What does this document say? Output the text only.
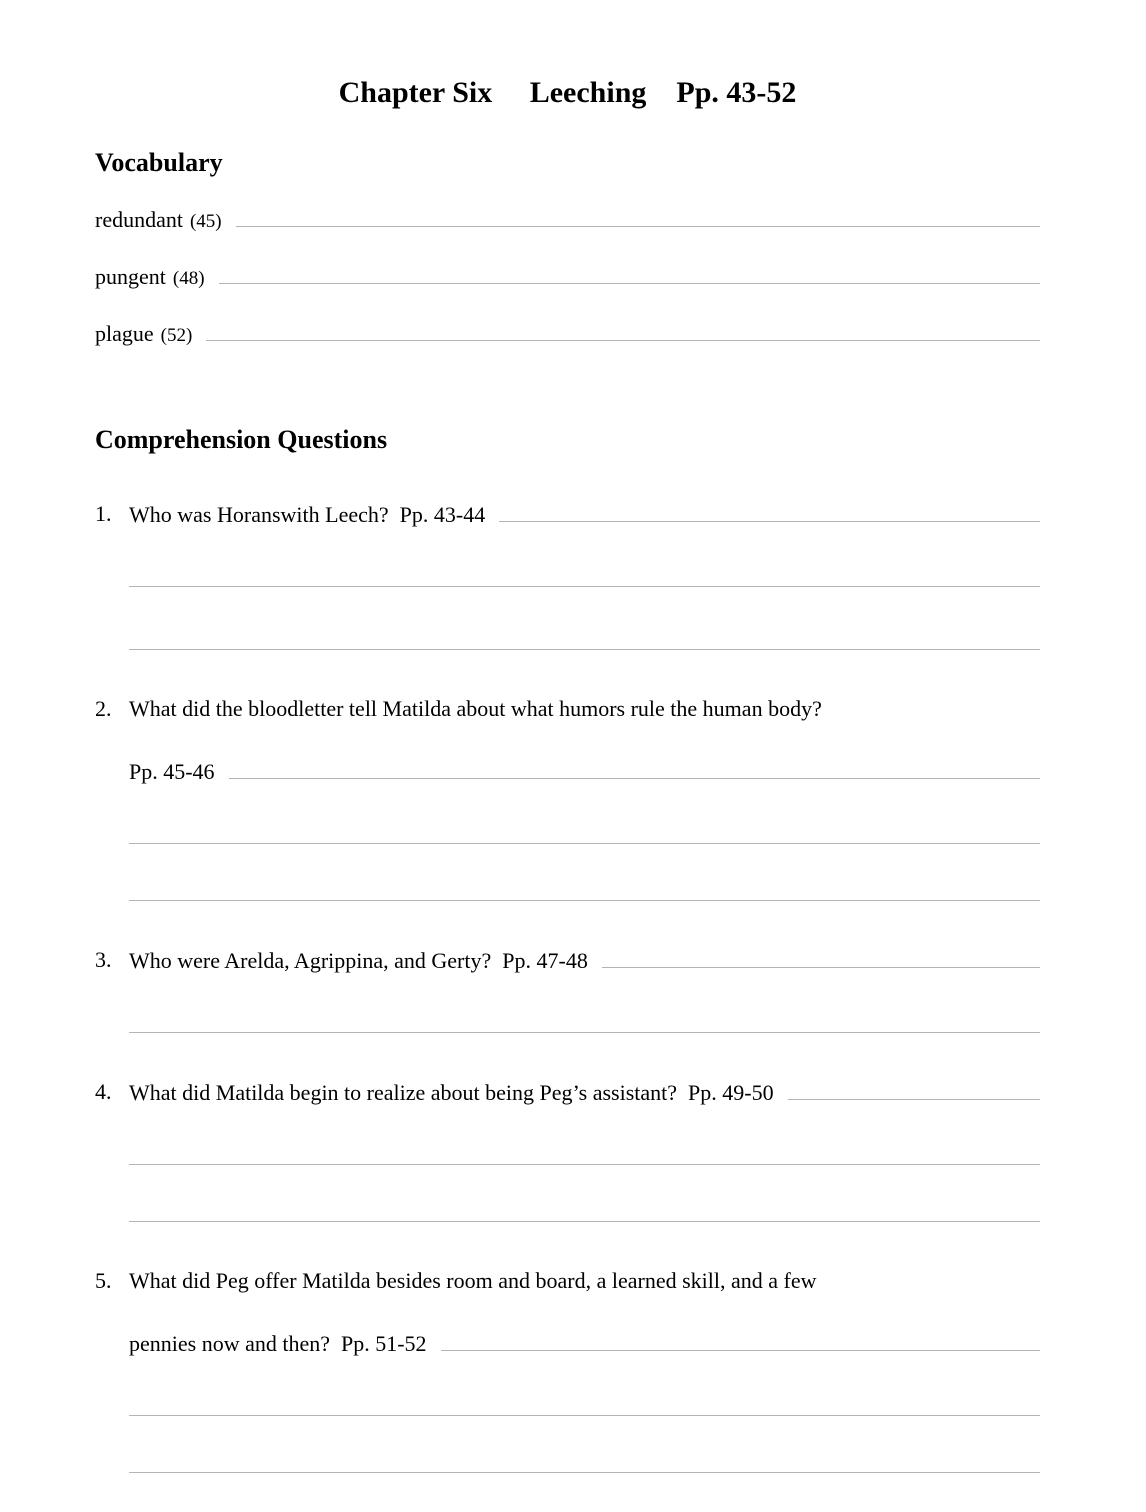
Chapter Six     Leeching    Pp. 43-52
Vocabulary
redundant (45)
pungent (48)
plague (52)
Comprehension Questions
1. Who was Horanswith Leech?  Pp. 43-44
2. What did the bloodletter tell Matilda about what humors rule the human body?
Pp. 45-46
3. Who were Arelda, Agrippina, and Gerty?  Pp. 47-48
4. What did Matilda begin to realize about being Peg’s assistant?  Pp. 49-50
5. What did Peg offer Matilda besides room and board, a learned skill, and a few
pennies now and then?  Pp. 51-52
